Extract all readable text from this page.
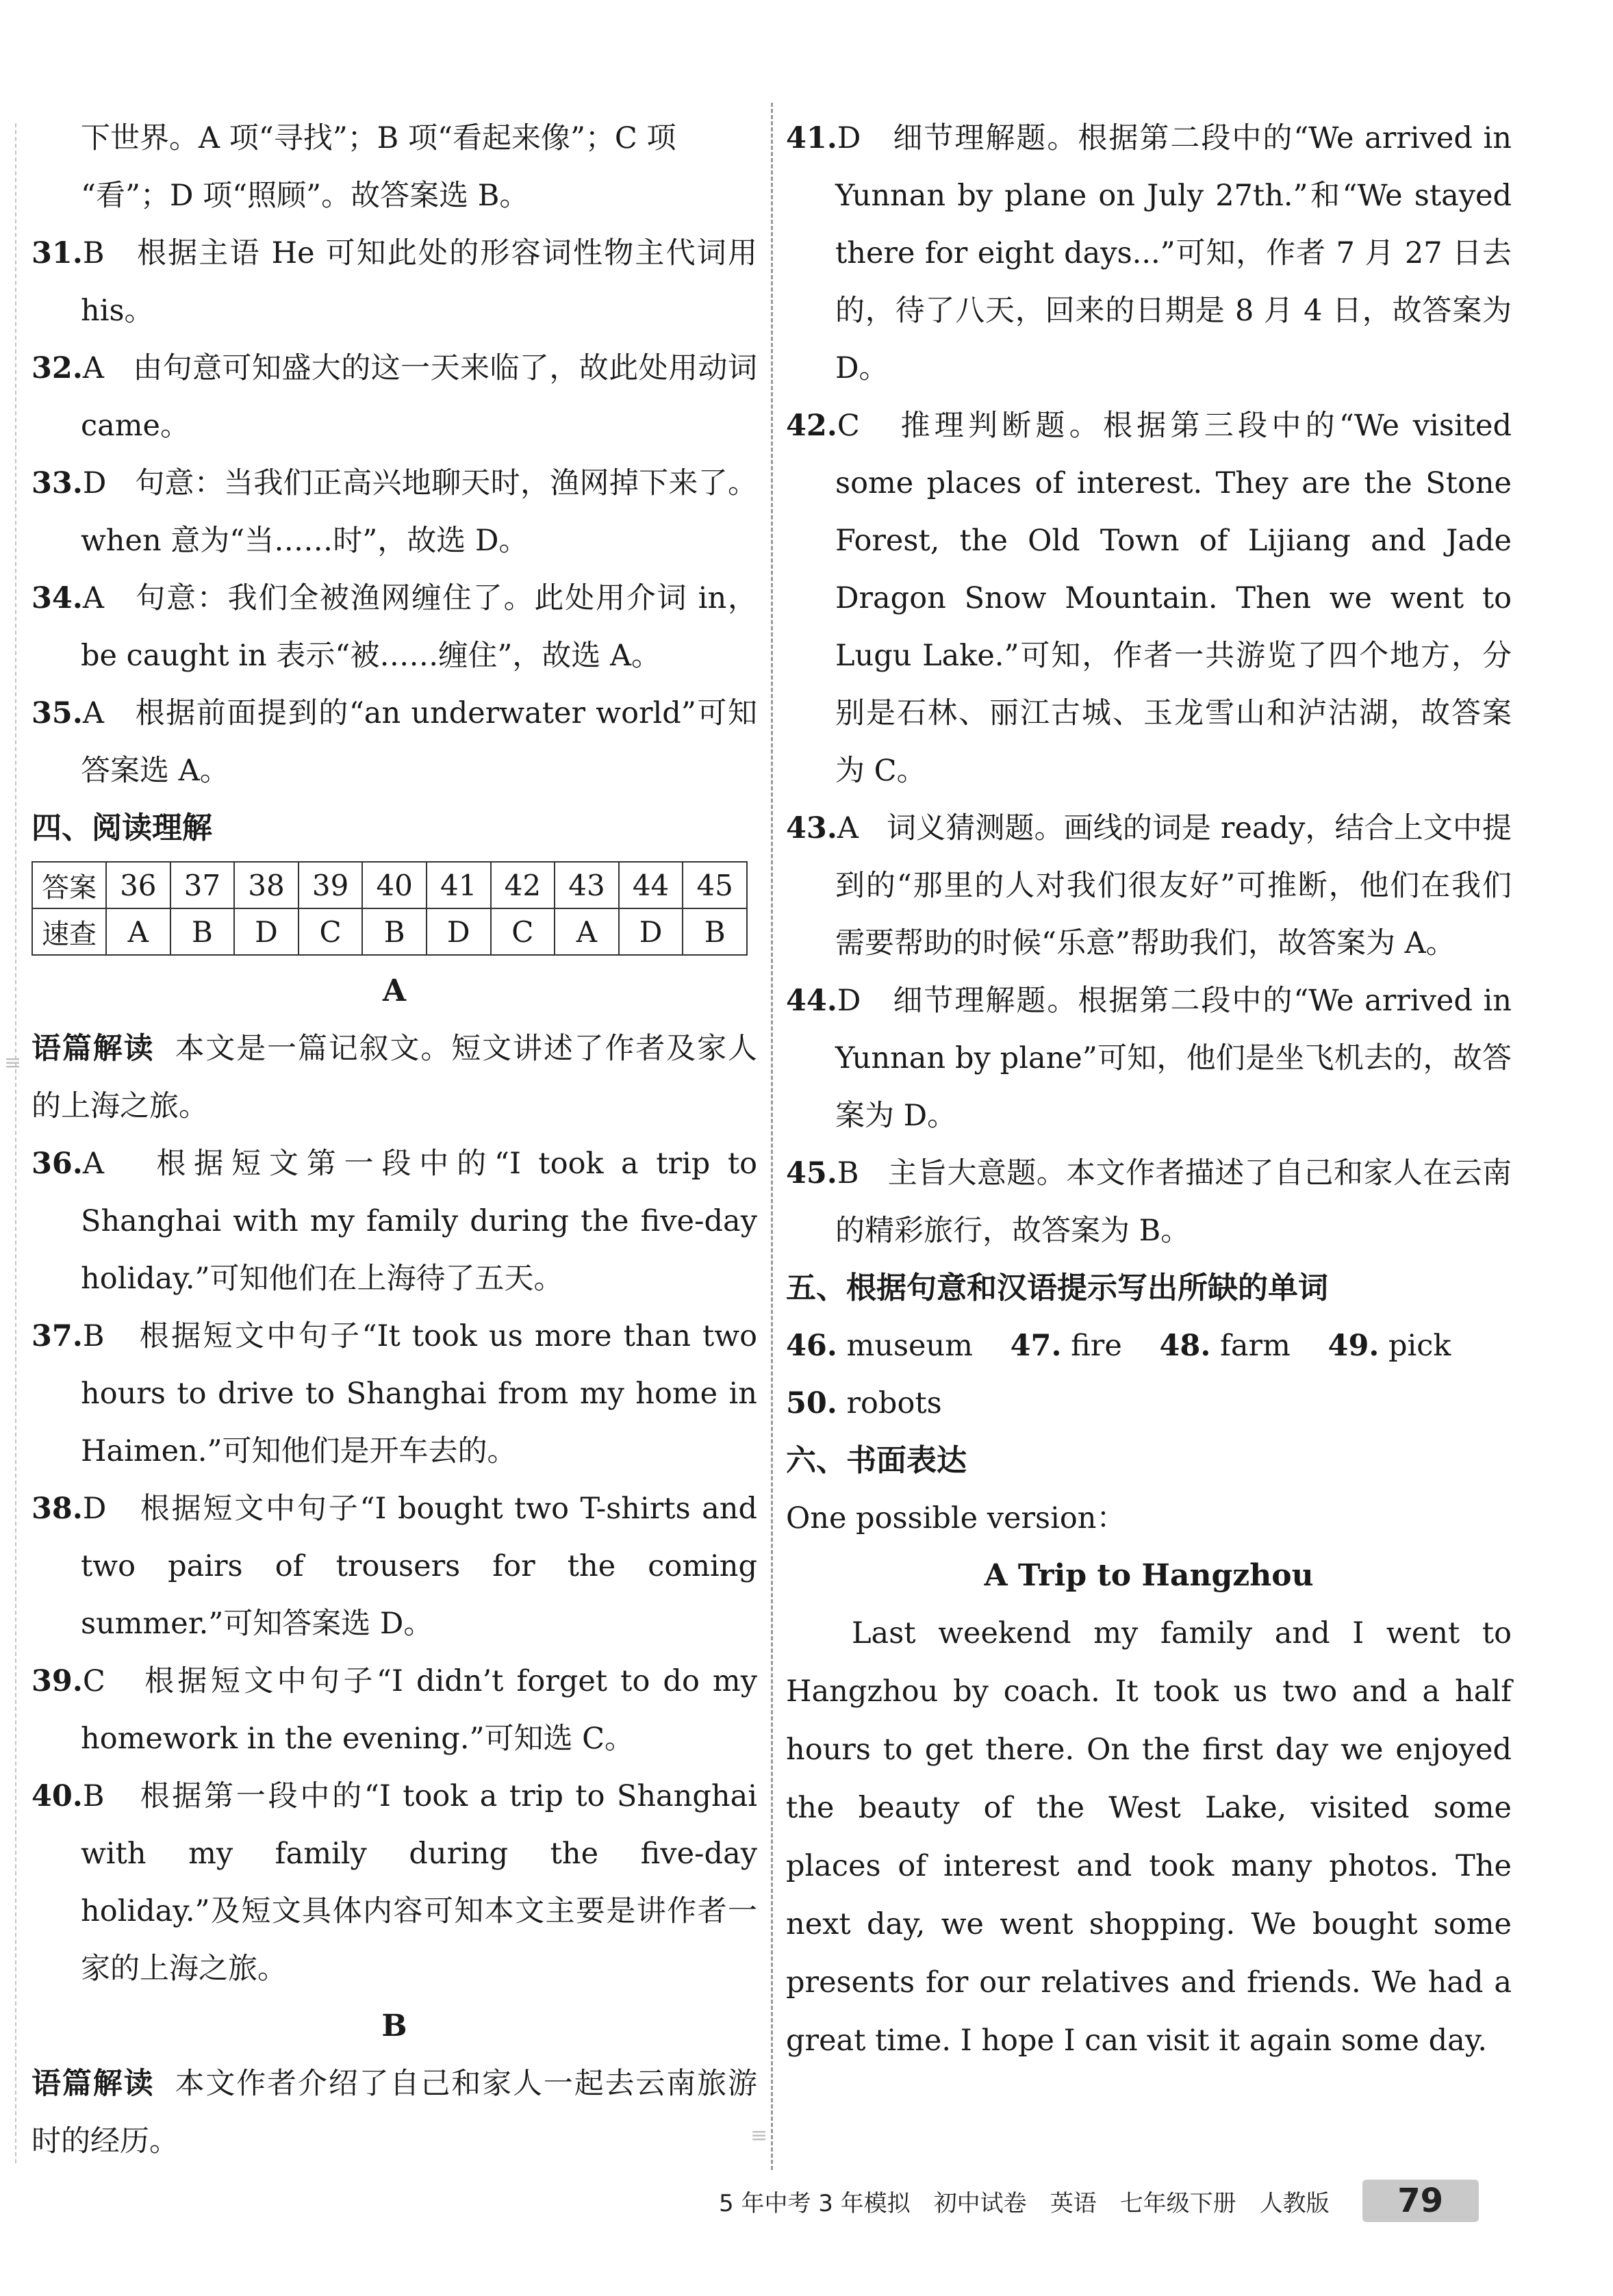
下世界。A 项“寻找”；B 项“看起来像”；C 项

“看”；D 项“照顾”。故答案选 B。

31.B 根据主语 He 可知此处的形容词性物主代词用 his。

32.A 由句意可知盛大的这一天来临了，故此处用动词 came。

33.D 句意：当我们正高兴地聊天时，渔网掉下来了。when 意为“当……时”，故选 D。

34.A 句意：我们全被渔网缠住了。此处用介词 in，be caught in 表示“被……缠住”，故选 A。

35.A 根据前面提到的“an underwater world”可知答案选 A。

四、阅读理解

答案	36	37	38	39	40	41	42	43	44	45
速查	A	B	D	C	B	D	C	A	D	B

A

语篇解读 本文是一篇记叙文。短文讲述了作者及家人的上海之旅。

36.A 根据短文第一段中的“I took a trip to Shanghai with my family during the five-day holiday.”可知他们在上海待了五天。

37.B 根据短文中句子“It took us more than two hours to drive to Shanghai from my home in Haimen.”可知他们是开车去的。

38.D 根据短文中句子“I bought two T-shirts and two pairs of trousers for the coming summer.”可知答案选 D。

39.C 根据短文中句子“I didn’t forget to do my homework in the evening.”可知选 C。

40.B 根据第一段中的“I took a trip to Shanghai with my family during the five-day holiday.”及短文具体内容可知本文主要是讲作者一家的上海之旅。

B

语篇解读 本文作者介绍了自己和家人一起去云南旅游时的经历。

41.D 细节理解题。根据第二段中的“We arrived in Yunnan by plane on July 27th.”和“We stayed there for eight days...”可知，作者 7 月 27 日去的，待了八天，回来的日期是 8 月 4 日，故答案为 D。

42.C 推理判断题。根据第三段中的“We visited some places of interest. They are the Stone Forest, the Old Town of Lijiang and Jade Dragon Snow Mountain. Then we went to Lugu Lake.”可知，作者一共游览了四个地方，分别是石林、丽江古城、玉龙雪山和泸沽湖，故答案为 C。

43.A 词义猜测题。画线的词是 ready，结合上文中提到的“那里的人对我们很友好”可推断，他们在我们需要帮助的时候“乐意”帮助我们，故答案为 A。

44.D 细节理解题。根据第二段中的“We arrived in Yunnan by plane”可知，他们是坐飞机去的，故答案为 D。

45.B 主旨大意题。本文作者描述了自己和家人在云南的精彩旅行，故答案为 B。

五、根据句意和汉语提示写出所缺的单词

46. museum 47. fire 48. farm 49. pick

50. robots

六、书面表达

One possible version：

A Trip to Hangzhou

Last weekend my family and I went to Hangzhou by coach. It took us two and a half hours to get there. On the first day we enjoyed the beauty of the West Lake, visited some places of interest and took many photos. The next day, we went shopping. We bought some presents for our relatives and friends. We had a great time. I hope I can visit it again some day.

≡
≡
5 年中考 3 年模拟 初中试卷 英语 七年级下册 人教版	79
